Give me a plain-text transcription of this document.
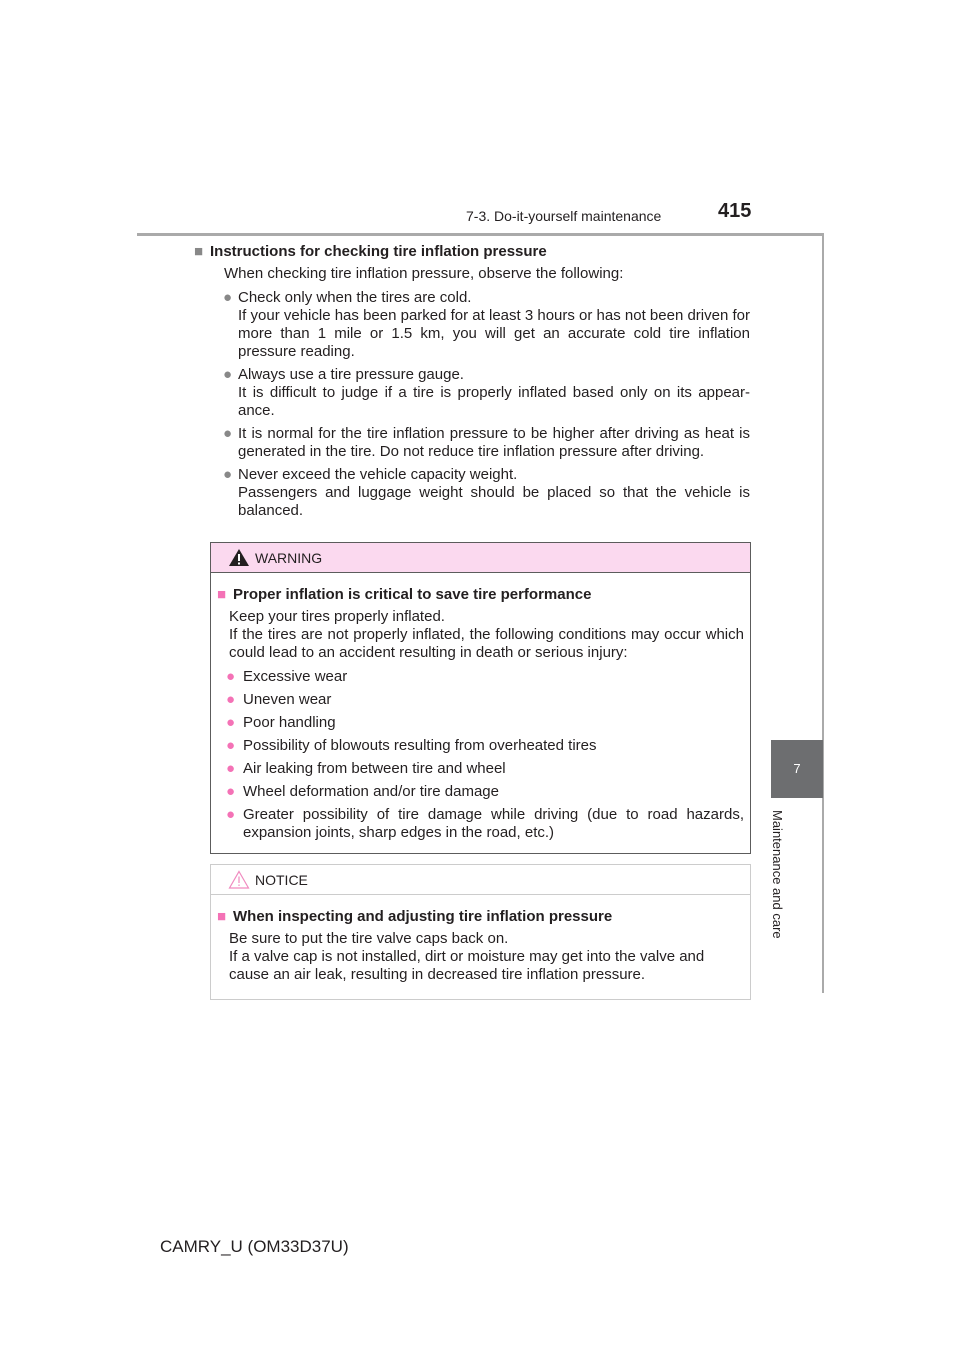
7-3. Do-it-yourself maintenance	415
7
Maintenance and care
■ Instructions for checking tire inflation pressure
When checking tire inflation pressure, observe the following:
● Check only when the tires are cold.
If your vehicle has been parked for at least 3 hours or has not been driven for more than 1 mile or 1.5 km, you will get an accurate cold tire inflation pressure reading.
● Always use a tire pressure gauge.
It is difficult to judge if a tire is properly inflated based only on its appear-ance.
● It is normal for the tire inflation pressure to be higher after driving as heat is generated in the tire. Do not reduce tire inflation pressure after driving.
● Never exceed the vehicle capacity weight.
Passengers and luggage weight should be placed so that the vehicle is balanced.
WARNING
■ Proper inflation is critical to save tire performance
Keep your tires properly inflated.
If the tires are not properly inflated, the following conditions may occur which could lead to an accident resulting in death or serious injury:
● Excessive wear
● Uneven wear
● Poor handling
● Possibility of blowouts resulting from overheated tires
● Air leaking from between tire and wheel
● Wheel deformation and/or tire damage
● Greater possibility of tire damage while driving (due to road hazards, expansion joints, sharp edges in the road, etc.)
NOTICE
■ When inspecting and adjusting tire inflation pressure
Be sure to put the tire valve caps back on.
If a valve cap is not installed, dirt or moisture may get into the valve and cause an air leak, resulting in decreased tire inflation pressure.
CAMRY_U (OM33D37U)
